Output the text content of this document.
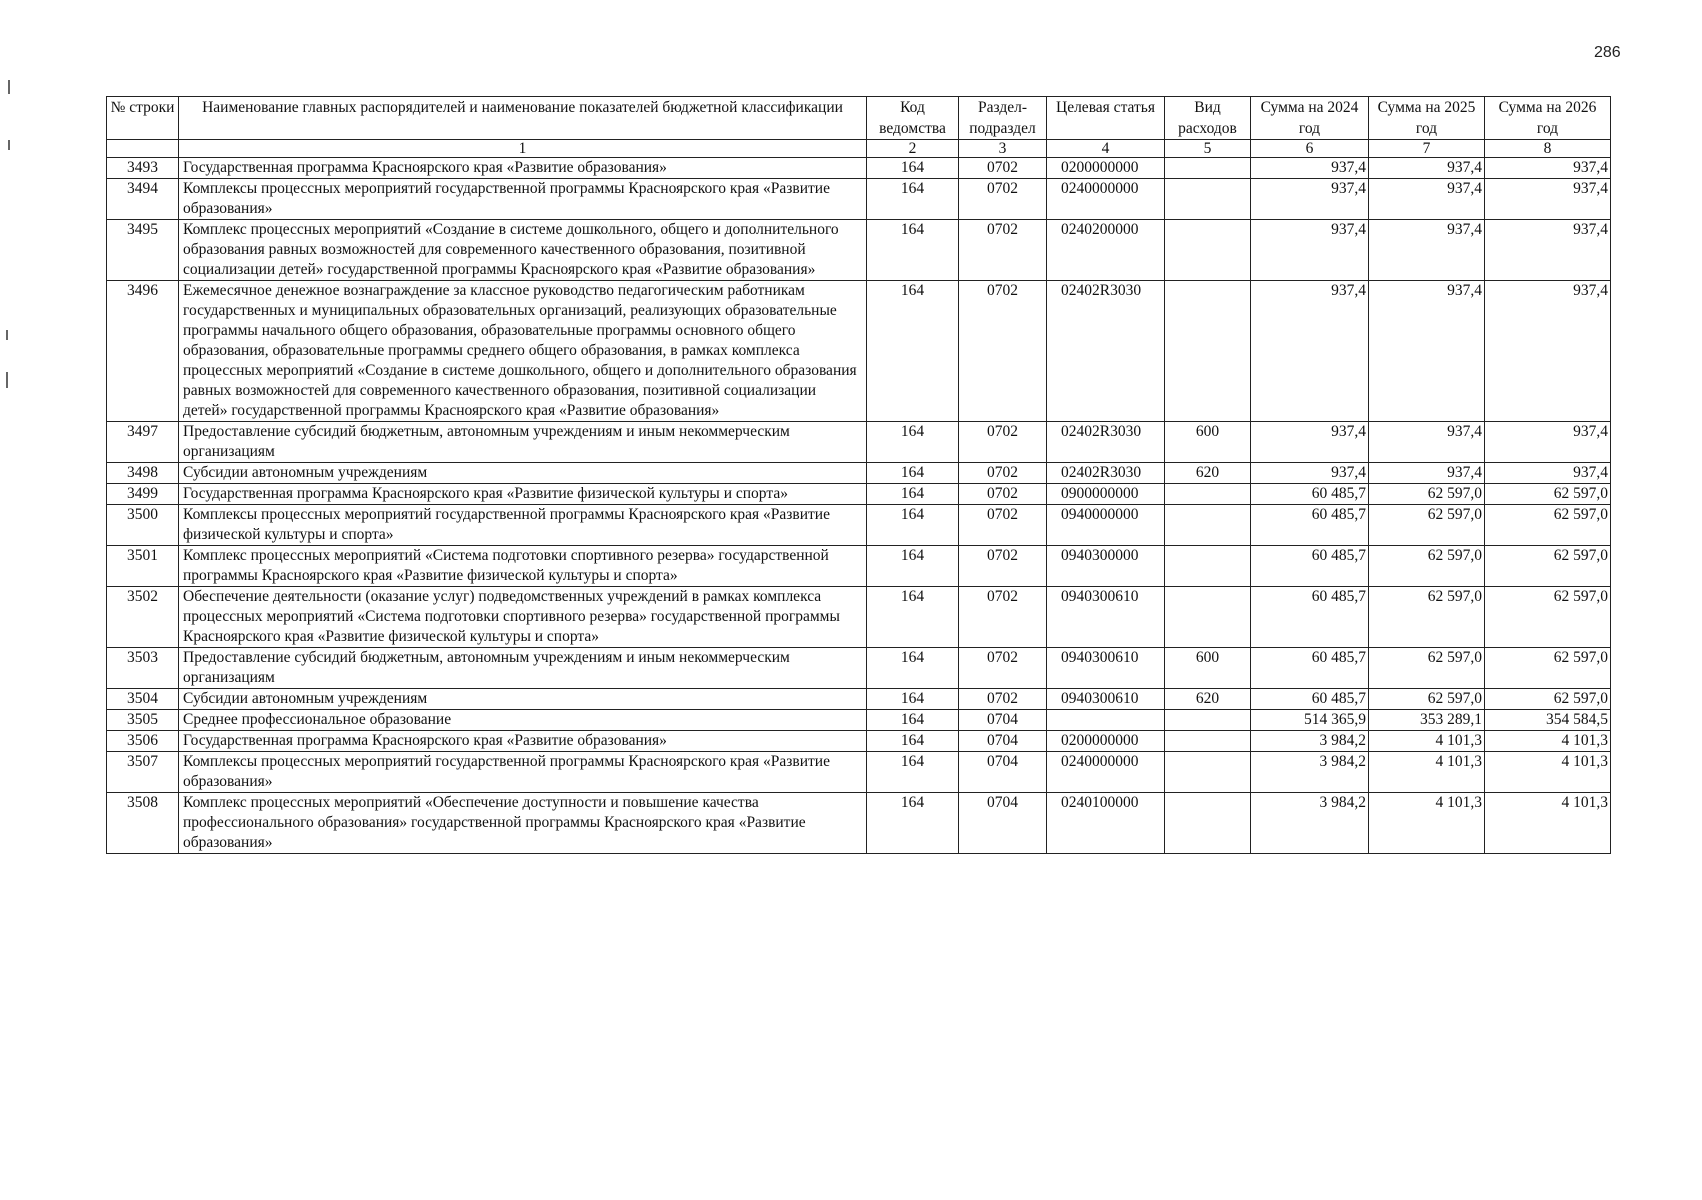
286
№ строки	Наименование главных распорядителей и наименование показателей бюджетной классификации	Код ведомства	Раздел-подраздел	Целевая статья	Вид расходов	Сумма на 2024 год	Сумма на 2025 год	Сумма на 2026 год
	1	2	3	4	5	6	7	8
3493	Государственная программа Красноярского края «Развитие образования»	164	0702	0200000000		937,4	937,4	937,4
3494	Комплексы процессных мероприятий государственной программы Красноярского края «Развитие образования»	164	0702	0240000000		937,4	937,4	937,4
3495	Комплекс процессных мероприятий «Создание в системе дошкольного, общего и дополнительного образования равных возможностей для современного качественного образования, позитивной социализации детей» государственной программы Красноярского края «Развитие образования»	164	0702	0240200000		937,4	937,4	937,4
3496	Ежемесячное денежное вознаграждение за классное руководство педагогическим работникам государственных и муниципальных образовательных организаций, реализующих образовательные программы начального общего образования, образовательные программы основного общего образования, образовательные программы среднего общего образования, в рамках комплекса процессных мероприятий «Создание в системе дошкольного, общего и дополнительного образования равных возможностей для современного качественного образования, позитивной социализации детей» государственной программы Красноярского края «Развитие образования»	164	0702	02402R3030		937,4	937,4	937,4
3497	Предоставление субсидий бюджетным, автономным учреждениям и иным некоммерческим организациям	164	0702	02402R3030	600	937,4	937,4	937,4
3498	Субсидии автономным учреждениям	164	0702	02402R3030	620	937,4	937,4	937,4
3499	Государственная программа Красноярского края «Развитие физической культуры и спорта»	164	0702	0900000000		60 485,7	62 597,0	62 597,0
3500	Комплексы процессных мероприятий государственной программы Красноярского края «Развитие физической культуры и спорта»	164	0702	0940000000		60 485,7	62 597,0	62 597,0
3501	Комплекс процессных мероприятий «Система подготовки спортивного резерва» государственной программы Красноярского края «Развитие физической культуры и спорта»	164	0702	0940300000		60 485,7	62 597,0	62 597,0
3502	Обеспечение деятельности (оказание услуг) подведомственных учреждений в рамках комплекса процессных мероприятий «Система подготовки спортивного резерва» государственной программы Красноярского края «Развитие физической культуры и спорта»	164	0702	0940300610		60 485,7	62 597,0	62 597,0
3503	Предоставление субсидий бюджетным, автономным учреждениям и иным некоммерческим организациям	164	0702	0940300610	600	60 485,7	62 597,0	62 597,0
3504	Субсидии автономным учреждениям	164	0702	0940300610	620	60 485,7	62 597,0	62 597,0
3505	Среднее профессиональное образование	164	0704			514 365,9	353 289,1	354 584,5
3506	Государственная программа Красноярского края «Развитие образования»	164	0704	0200000000		3 984,2	4 101,3	4 101,3
3507	Комплексы процессных мероприятий государственной программы Красноярского края «Развитие образования»	164	0704	0240000000		3 984,2	4 101,3	4 101,3
3508	Комплекс процессных мероприятий «Обеспечение доступности и повышение качества профессионального образования» государственной программы Красноярского края «Развитие образования»	164	0704	0240100000		3 984,2	4 101,3	4 101,3
